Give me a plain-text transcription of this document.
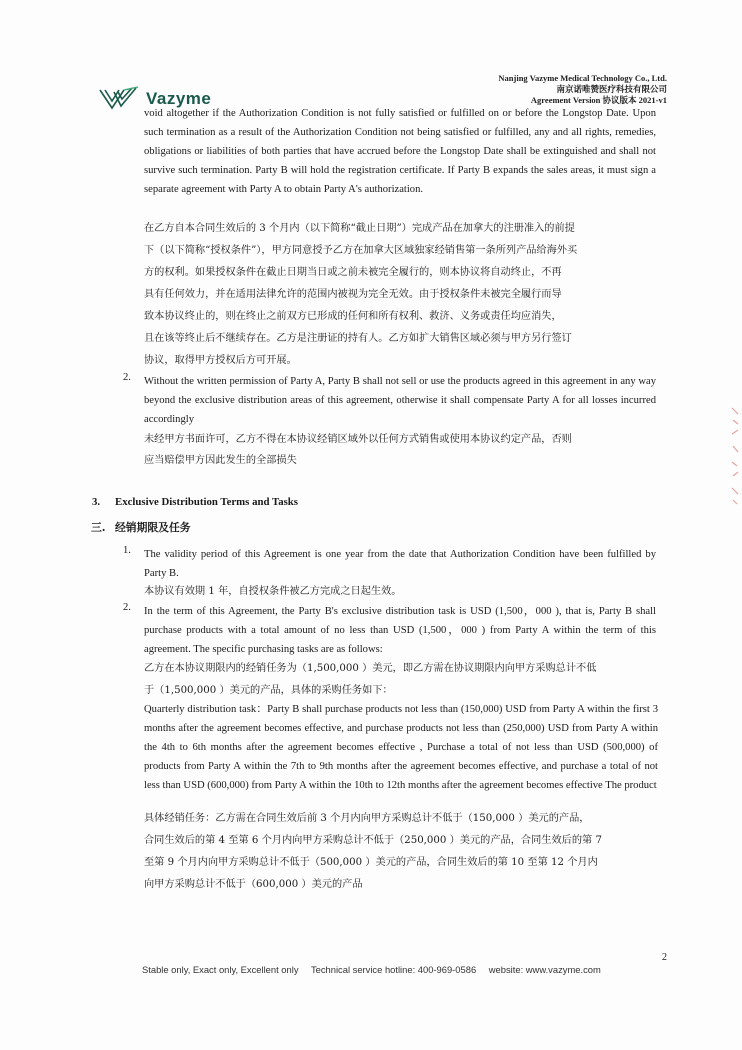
Vazyme
Nanjing Vazyme Medical Technology Co., Ltd.
南京诺唯赞医疗科技有限公司
Agreement Version 协议版本 2021-v1
void altogether if the Authorization Condition is not fully satisfied or fulfilled on or before the Longstop Date. Upon such termination as a result of the Authorization Condition not being satisfied or fulfilled, any and all rights, remedies, obligations or liabilities of both parties that have accrued before the Longstop Date shall be extinguished and shall not survive such termination. Party B will hold the registration certificate. If Party B expands the sales areas, it must sign a separate agreement with Party A to obtain Party A's authorization.
在乙方自本合同生效后的 3 个月内（以下简称“截止日期”）完成产品在加拿大的注册准入的前提
下（以下简称“授权条件”），甲方同意授予乙方在加拿大区域独家经销售第一条所列产品给海外买
方的权利。如果授权条件在截止日期当日或之前未被完全履行的，则本协议将自动终止，不再
具有任何效力，并在适用法律允许的范围内被视为完全无效。由于授权条件未被完全履行而导
致本协议终止的，则在终止之前双方已形成的任何和所有权利、救济、义务或责任均应消失，
且在该等终止后不继续存在。乙方是注册证的持有人。乙方如扩大销售区域必须与甲方另行签订
协议，取得甲方授权后方可开展。
2. Without the written permission of Party A, Party B shall not sell or use the products agreed in this agreement in any way beyond the exclusive distribution areas of this agreement, otherwise it shall compensate Party A for all losses incurred accordingly
未经甲方书面许可，乙方不得在本协议经销区域外以任何方式销售或使用本协议约定产品，否则
应当赔偿甲方因此发生的全部损失
3. Exclusive Distribution Terms and Tasks
三. 经销期限及任务
1. The validity period of this Agreement is one year from the date that Authorization Condition have been fulfilled by Party B.
本协议有效期 1 年，自授权条件被乙方完成之日起生效。
2. In the term of this Agreement, the Party B's exclusive distribution task is USD (1,500，000 ), that is, Party B shall purchase products with a total amount of no less than USD (1,500，000 ) from Party A within the term of this agreement. The specific purchasing tasks are as follows:
乙方在本协议期限内的经销任务为（1,500,000 ）美元，即乙方需在协议期限内向甲方采购总计不低
于（1,500,000 ）美元的产品，具体的采购任务如下：
Quarterly distribution task：Party B shall purchase products not less than (150,000) USD from Party A within the first 3 months after the agreement becomes effective, and purchase products not less than (250,000) USD from Party A within the 4th to 6th months after the agreement becomes effective , Purchase a total of not less than USD (500,000) of products from Party A within the 7th to 9th months after the agreement becomes effective, and purchase a total of not less than USD (600,000) from Party A within the 10th to 12th months after the agreement becomes effective The product
具体经销任务：乙方需在合同生效后前 3 个月内向甲方采购总计不低于（150,000 ）美元的产品，
合同生效后的第 4 至第 6 个月内向甲方采购总计不低于（250,000 ）美元的产品，合同生效后的第 7
至第 9 个月内向甲方采购总计不低于（500,000 ）美元的产品，合同生效后的第 10 至第 12 个月内
向甲方采购总计不低于（600,000 ）美元的产品
2
Stable only, Exact only, Excellent only Technical service hotline: 400-969-0586 website: www.vazyme.com
